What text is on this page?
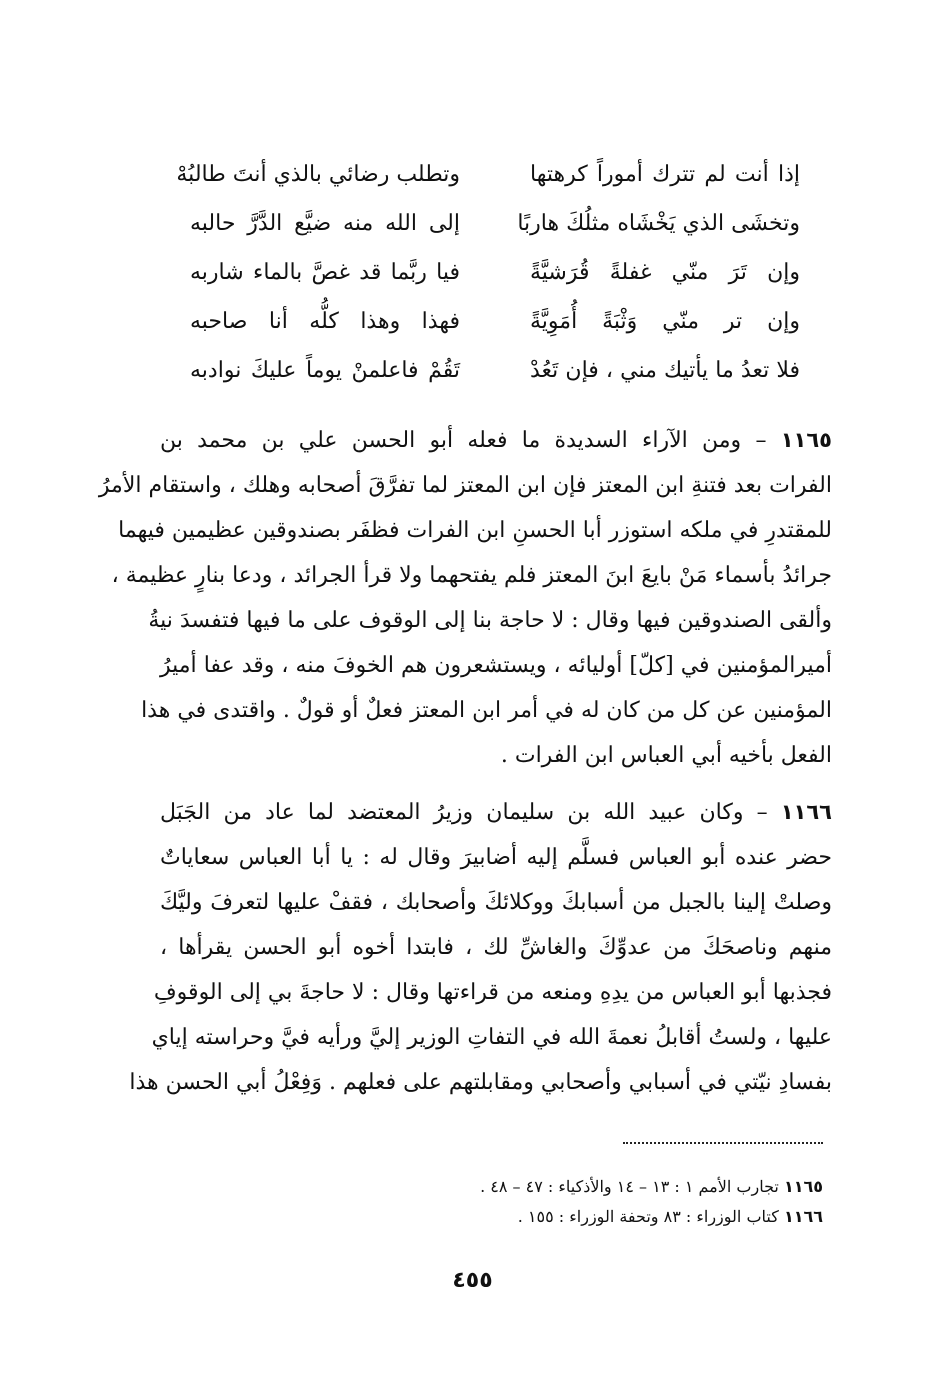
إذا أنت لم تترك أموراً كرهتها
وتطلب رضائي بالذي أنتَ طالبُهْ
وتخشَى الذي يَخْشَاه مثلُكَ هاربًا
إلى الله منه ضيَّع الدَّرَّ حالبه
وإن تَرَ منّي غفلةً قُرَشيَّةً
فيا ربَّما قد غصَّ بالماء شاربه
وإن تر منّي وَثْبَةً أُمَوِيَّةً
فهذا وهذا كلُّه أنا صاحبه
فلا تعدُ ما يأتيك مني ، فإن تَعُدْ
تَقُمْ فاعلمنْ يوماً عليكَ نوادبه
١١٦٥ – ومن الآراء السديدة ما فعله أبو الحسن علي بن محمد بن
الفرات بعد فتنةِ ابن المعتز فإن ابن المعتز لما تفرَّقَ أصحابه وهلك ، واستقام الأمرُ
للمقتدرِ في ملكه استوزر أبا الحسنِ ابن الفرات فظفَر بصندوقين عظيمين فيهما
جرائدُ بأسماء مَنْ بايعَ ابنَ المعتز فلم يفتحهما ولا قرأ الجرائد ، ودعا بنارٍ عظيمة ،
وألقى الصندوقين فيها وقال : لا حاجة بنا إلى الوقوف على ما فيها فتفسدَ نيةُ
أميرالمؤمنين في [كلّ] أوليائه ، ويستشعرون هم الخوفَ منه ، وقد عفا أميرُ
المؤمنين عن كل من كان له في أمر ابن المعتز فعلٌ أو قولٌ . واقتدى في هذا
الفعل بأخيه أبي العباس ابن الفرات .
١١٦٦ – وكان عبيد الله بن سليمان وزيرُ المعتضد لما عاد من الجَبَل
حضر عنده أبو العباس فسلَّم إليه أضابيرَ وقال له : يا أبا العباس سعاياتٌ
وصلتْ إلينا بالجبل من أسبابكَ ووكلائكَ وأصحابك ، فقفْ عليها لتعرفَ وليَّكَ
منهم وناصحَكَ من عدوِّكَ والغاشِّ لك ، فابتدا أخوه أبو الحسن يقرأها ،
فجذبها أبو العباس من يدِهِ ومنعه من قراءتها وقال : لا حاجةَ بي إلى الوقوفِ
عليها ، ولستُ أقابلُ نعمةَ الله في التفاتِ الوزير إليَّ ورأيه فيَّ وحراسته إياي
بفسادِ نيّتي في أسبابي وأصحابي ومقابلتهم على فعلهم . وَفِعْلُ أبي الحسن هذا
١١٦٥ تجارب الأمم ١ : ١٣ – ١٤ والأذكياء : ٤٧ – ٤٨ .
١١٦٦ كتاب الوزراء : ٨٣ وتحفة الوزراء : ١٥٥ .
٤٥٥
